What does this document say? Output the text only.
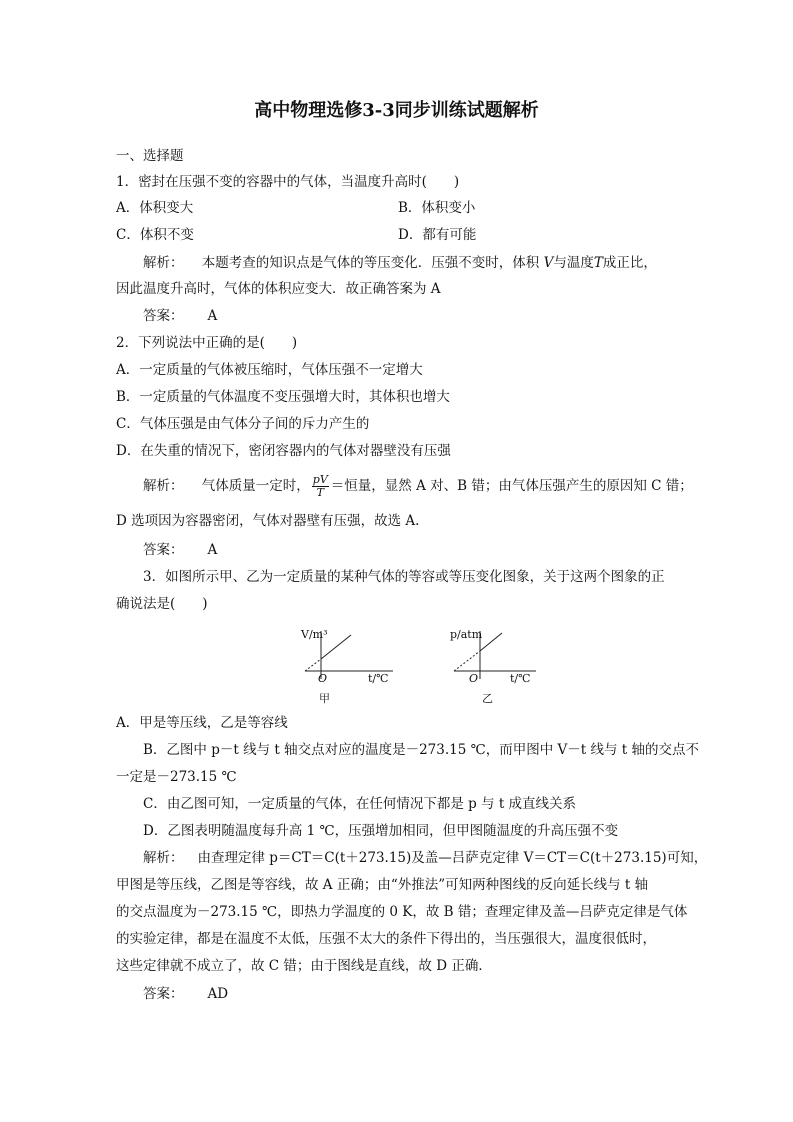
高中物理选修3-3同步训练试题解析
一、选择题
1．密封在压强不变的容器中的气体，当温度升高时(　　)
A．体积变大	B．体积变小
C．体积不变	D．都有可能
解析： 本题考查的知识点是气体的等压变化．压强不变时，体积 V与温度T成正比，
因此温度升高时，气体的体积应变大．故正确答案为 A
答案： A
2．下列说法中正确的是(　　)
A．一定质量的气体被压缩时，气体压强不一定增大
B．一定质量的气体温度不变压强增大时，其体积也增大
C．气体压强是由气体分子间的斥力产生的
D．在失重的情况下，密闭容器内的气体对器壁没有压强
解析： 气体质量一定时， $\frac{pV}{T}$ ＝恒量，显然 A 对、B 错；由气体压强产生的原因知 C 错；
D 选项因为容器密闭，气体对器壁有压强，故选 A.
答案： A
3．如图所示甲、乙为一定质量的某种气体的等容或等压变化图象，关于这两个图象的正
确说法是(　　)
V/m³
O	t/℃
甲
p/atm
O	t/℃
乙
A．甲是等压线，乙是等容线
B．乙图中 p－t 线与 t 轴交点对应的温度是－273.15 ℃，而甲图中 V－t 线与 t 轴的交点不
一定是－273.15 ℃
C．由乙图可知，一定质量的气体，在任何情况下都是 p 与 t 成直线关系
D．乙图表明随温度每升高 1 ℃，压强增加相同，但甲图随温度的升高压强不变
解析： 由查理定律 p＝CT＝C(t＋273.15)及盖—吕萨克定律 V＝CT＝C(t＋273.15)可知，
甲图是等压线，乙图是等容线，故 A 正确；由“外推法”可知两种图线的反向延长线与 t 轴
的交点温度为－273.15 ℃，即热力学温度的 0 K，故 B 错；查理定律及盖—吕萨克定律是气体
的实验定律，都是在温度不太低，压强不太大的条件下得出的，当压强很大，温度很低时，
这些定律就不成立了，故 C 错；由于图线是直线，故 D 正确．
答案： AD
